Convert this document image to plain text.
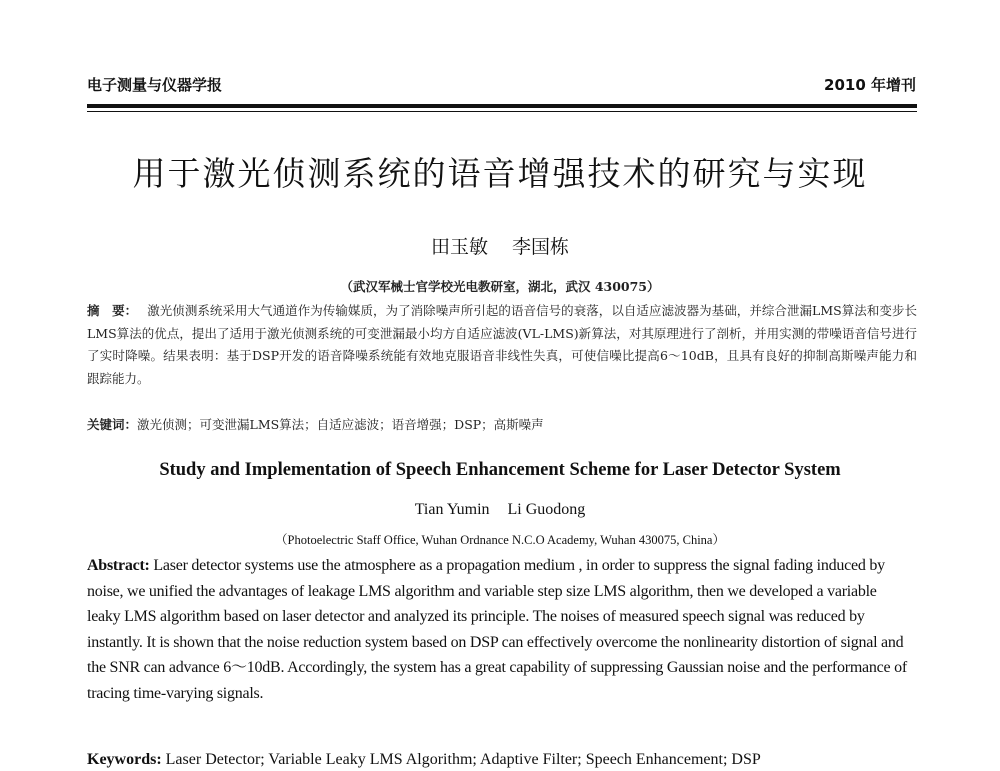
电子测量与仪器学报	2010 年增刊
用于激光侦测系统的语音增强技术的研究与实现
田玉敏 李国栋
（武汉军械士官学校光电教研室，湖北，武汉 430075）
摘　要： 激光侦测系统采用大气通道作为传输媒质，为了消除噪声所引起的语音信号的衰落，以自适应滤波器为基础，并综合泄漏LMS算法和变步长LMS算法的优点，提出了适用于激光侦测系统的可变泄漏最小均方自适应滤波(VL-LMS)新算法，对其原理进行了剖析，并用实测的带噪语音信号进行了实时降噪。结果表明：基于DSP开发的语音降噪系统能有效地克服语音非线性失真，可使信噪比提高6～10dB，且具有良好的抑制高斯噪声能力和跟踪能力。
关键词：激光侦测；可变泄漏LMS算法；自适应滤波；语音增强；DSP；高斯噪声
Study and Implementation of Speech Enhancement Scheme for Laser Detector System
Tian Yumin Li Guodong
（Photoelectric Staff Office, Wuhan Ordnance N.C.O Academy, Wuhan 430075, China）
Abstract: Laser detector systems use the atmosphere as a propagation medium , in order to suppress the signal fading induced by noise, we unified the advantages of leakage LMS algorithm and variable step size LMS algorithm, then we developed a variable leaky LMS algorithm based on laser detector and analyzed its principle. The noises of measured speech signal was reduced by instantly. It is shown that the noise reduction system based on DSP can effectively overcome the nonlinearity distortion of signal and the SNR can advance 6～10dB. Accordingly, the system has a great capability of suppressing Gaussian noise and the performance of tracing time-varying signals.
Keywords: Laser Detector; Variable Leaky LMS Algorithm; Adaptive Filter; Speech Enhancement; DSP
